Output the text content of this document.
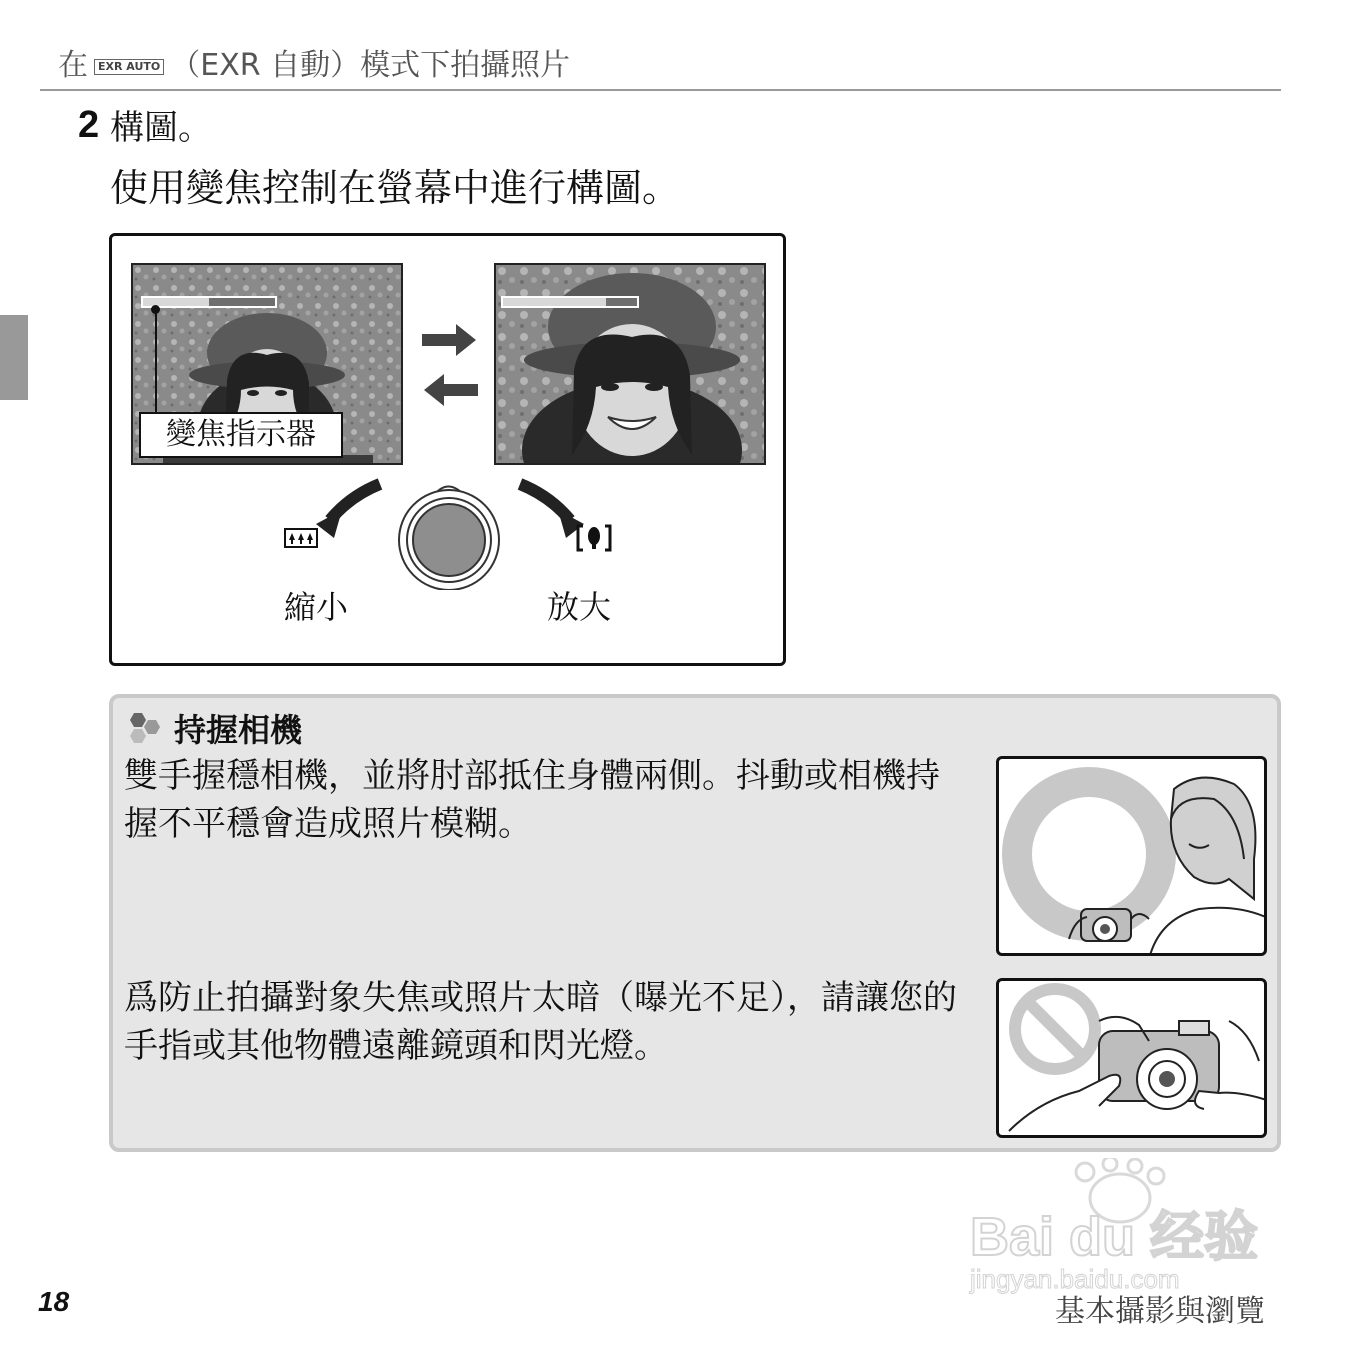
在 EXR AUTO （EXR 自動）模式下拍攝照片
2 構圖。
使用變焦控制在螢幕中進行構圖。
變焦指示器
縮小	放大
持握相機
雙手握穩相機，並將肘部抵住身體兩側。抖動或相機持握不平穩會造成照片模糊。
爲防止拍攝對象失焦或照片太暗（曝光不足），請讓您的手指或其他物體遠離鏡頭和閃光燈。
Bai du 经验
jingyan.baidu.com
18	基本攝影與瀏覽
